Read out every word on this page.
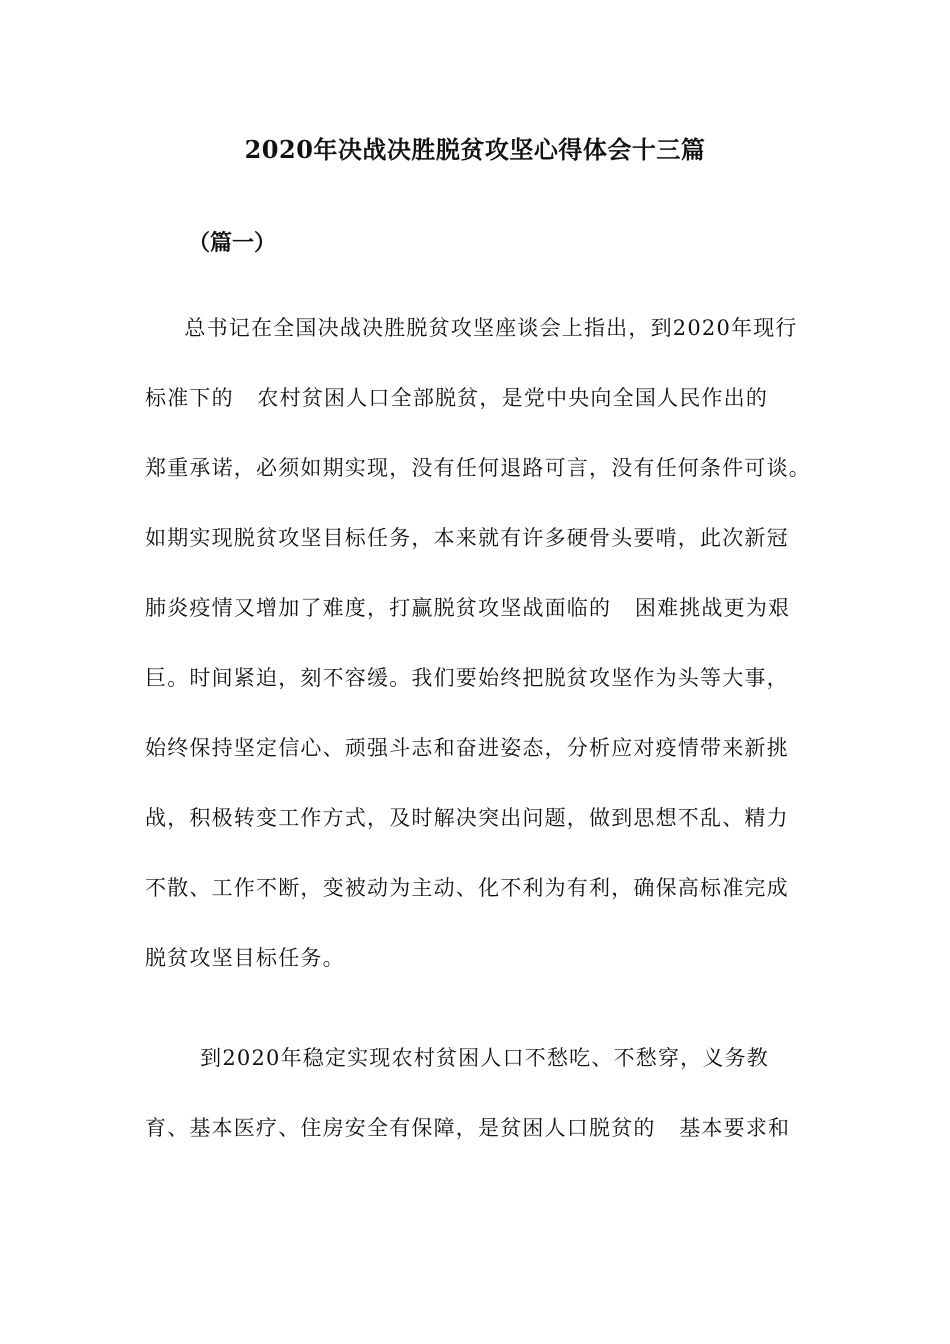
2020年决战决胜脱贫攻坚心得体会十三篇
（篇一）
总书记在全国决战决胜脱贫攻坚座谈会上指出，到2020年现行
标准下的   农村贫困人口全部脱贫，是党中央向全国人民作出的
郑重承诺，必须如期实现，没有任何退路可言，没有任何条件可谈。
如期实现脱贫攻坚目标任务，本来就有许多硬骨头要啃，此次新冠
肺炎疫情又增加了难度，打赢脱贫攻坚战面临的   困难挑战更为艰
巨。时间紧迫，刻不容缓。我们要始终把脱贫攻坚作为头等大事，
始终保持坚定信心、顽强斗志和奋进姿态，分析应对疫情带来新挑
战，积极转变工作方式，及时解决突出问题，做到思想不乱、精力
不散、工作不断，变被动为主动、化不利为有利，确保高标准完成
脱贫攻坚目标任务。
到2020年稳定实现农村贫困人口不愁吃、不愁穿，义务教
育、基本医疗、住房安全有保障，是贫困人口脱贫的   基本要求和
